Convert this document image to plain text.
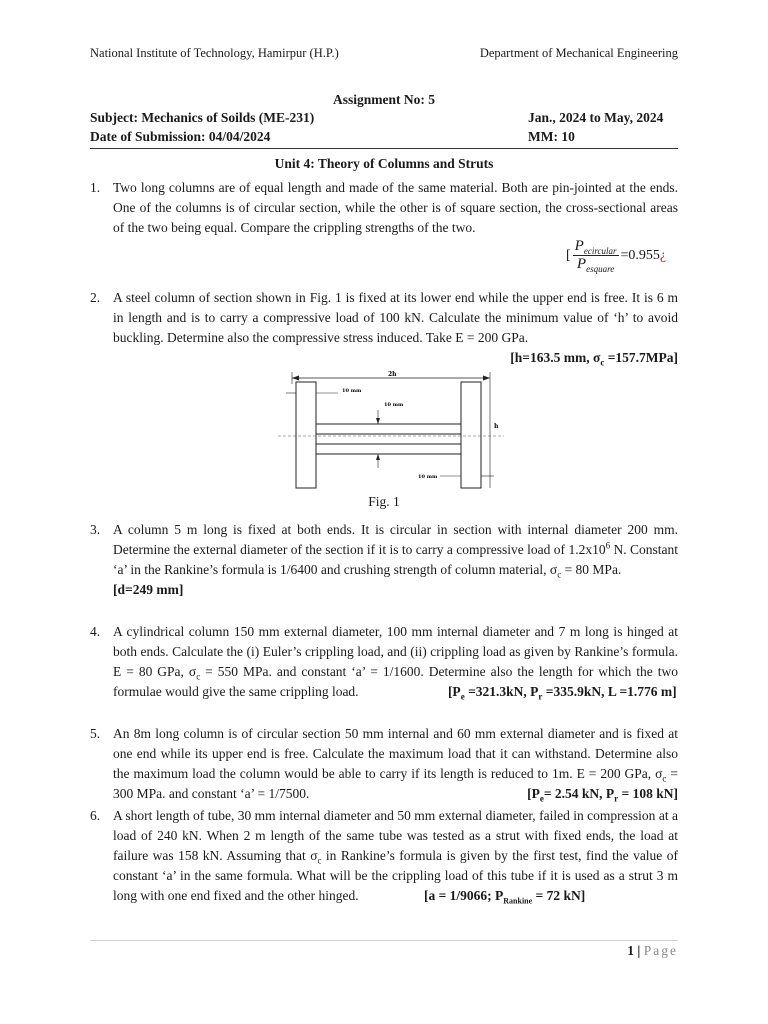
National Institute of Technology, Hamirpur (H.P.)	Department of Mechanical Engineering
Assignment No: 5
Subject: Mechanics of Soilds (ME-231)	Jan., 2024 to May, 2024
Date of Submission: 04/04/2024	MM: 10
Unit 4: Theory of Columns and Struts
1. Two long columns are of equal length and made of the same material. Both are pin-jointed at the ends. One of the columns is of circular section, while the other is of square section, the cross-sectional areas of the two being equal. Compare the crippling strengths of the two.
[ $\frac{P_{ecircular}}{P_{esquare}} =0.955$ ¿
2. A steel column of section shown in Fig. 1 is fixed at its lower end while the upper end is free. It is 6 m in length and is to carry a compressive load of 100 kN. Calculate the minimum value of ‘h’ to avoid buckling. Determine also the compressive stress induced. Take E = 200 GPa.
[h=163.5 mm, $\sigma_c =157.7MPa$]
2h
10 mm
10 mm
10 mm
h
Fig. 1
3. A column 5 m long is fixed at both ends. It is circular in section with internal diameter 200 mm. Determine the external diameter of the section if it is to carry a compressive load of $1.2x10^6$ N. Constant ‘a’ in the Rankine’s formula is 1/6400 and crushing strength of column material, $\sigma_c = 80$ MPa.
[d=249 mm]
4. A cylindrical column 150 mm external diameter, 100 mm internal diameter and 7 m long is hinged at both ends. Calculate the (i) Euler’s crippling load, and (ii) crippling load as given by Rankine’s formula. E = 80 GPa, $\sigma_c = 550$ MPa. and constant ‘a’ = 1/1600. Determine also the length for which the two formulae would give the same crippling load.	[$P_e =321.3kN$, $P_r =335.9kN$, L =1.776 m]
5. An 8m long column is of circular section 50 mm internal and 60 mm external diameter and is fixed at one end while its upper end is free. Calculate the maximum load that it can withstand. Determine also the maximum load the column would be able to carry if its length is reduced to 1m. E = 200 GPa, $\sigma_c = 300$ MPa. and constant ‘a’ = 1/7500.	[$P_e= 2.54$ kN, $P_r = 108$ kN]
6. A short length of tube, 30 mm internal diameter and 50 mm external diameter, failed in compression at a load of 240 kN. When 2 m length of the same tube was tested as a strut with fixed ends, the load at failure was 158 kN. Assuming that $\sigma_c$ in Rankine’s formula is given by the first test, find the value of constant ‘a’ in the same formula. What will be the crippling load of this tube if it is used as a strut 3 m long with one end fixed and the other hinged.	[a = 1/9066; $P_{Rankine} = 72$ kN]
1 | Page
